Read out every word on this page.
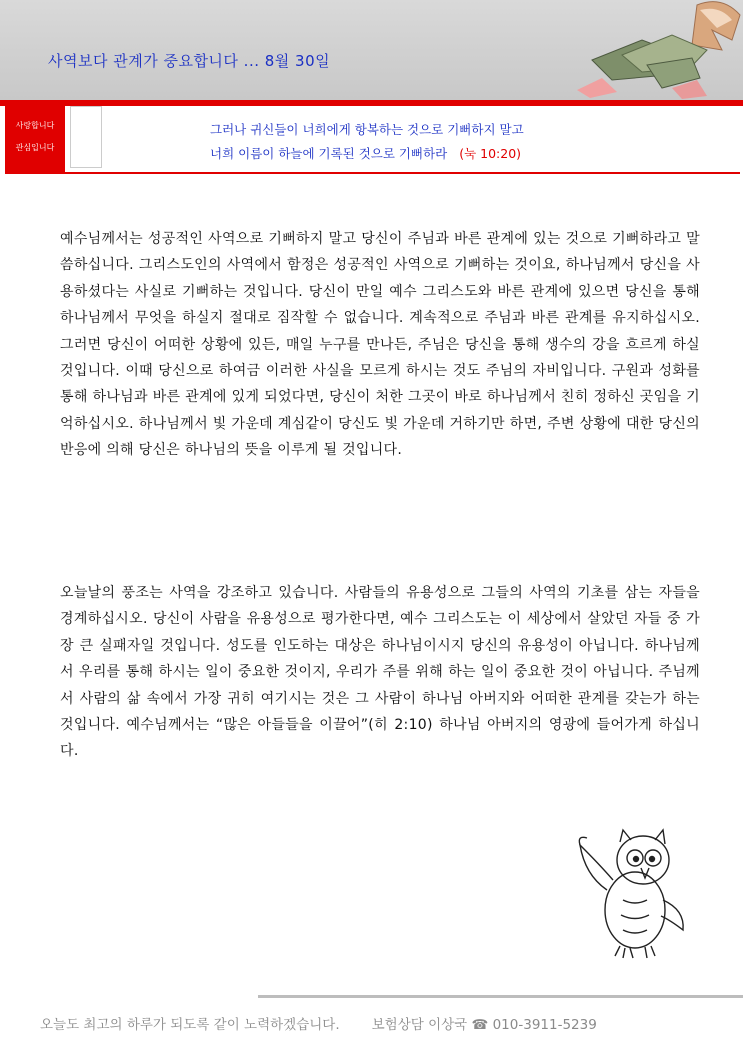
사역보다 관계가 중요합니다 ... 8월 30일
사랑합니다
관심입니다
그러나 귀신들이 너희에게 항복하는 것으로 기뻐하지 말고
너희 이름이 하늘에 기록된 것으로 기뻐하라 (눅 10:20)
예수님께서는 성공적인 사역으로 기뻐하지 말고 당신이 주님과 바른 관계에 있는 것으로 기뻐하라고 말씀하십니다. 그리스도인의 사역에서 함정은 성공적인 사역으로 기뻐하는 것이요, 하나님께서 당신을 사용하셨다는 사실로 기뻐하는 것입니다. 당신이 만일 예수 그리스도와 바른 관계에 있으면 당신을 통해 하나님께서 무엇을 하실지 절대로 짐작할 수 없습니다. 계속적으로 주님과 바른 관계를 유지하십시오. 그러면 당신이 어떠한 상황에 있든, 매일 누구를 만나든, 주님은 당신을 통해 생수의 강을 흐르게 하실 것입니다. 이때 당신으로 하여금 이러한 사실을 모르게 하시는 것도 주님의 자비입니다. 구원과 성화를 통해 하나님과 바른 관계에 있게 되었다면, 당신이 처한 그곳이 바로 하나님께서 친히 정하신 곳임을 기억하십시오. 하나님께서 빛 가운데 계심같이 당신도 빛 가운데 거하기만 하면, 주변 상황에 대한 당신의 반응에 의해 당신은 하나님의 뜻을 이루게 될 것입니다.
오늘날의 풍조는 사역을 강조하고 있습니다. 사람들의 유용성으로 그들의 사역의 기초를 삼는 자들을 경계하십시오. 당신이 사람을 유용성으로 평가한다면, 예수 그리스도는 이 세상에서 살았던 자들 중 가장 큰 실패자일 것입니다. 성도를 인도하는 대상은 하나님이시지 당신의 유용성이 아닙니다. 하나님께서 우리를 통해 하시는 일이 중요한 것이지, 우리가 주를 위해 하는 일이 중요한 것이 아닙니다. 주님께서 사람의 삶 속에서 가장 귀히 여기시는 것은 그 사람이 하나님 아버지와 어떠한 관계를 갖는가 하는 것입니다. 예수님께서는 “많은 아들들을 이끌어”(히 2:10) 하나님 아버지의 영광에 들어가게 하십니다.
오늘도 최고의 하루가 되도록 같이 노력하겠습니다. 보험상담 이상국 ☎ 010-3911-5239
